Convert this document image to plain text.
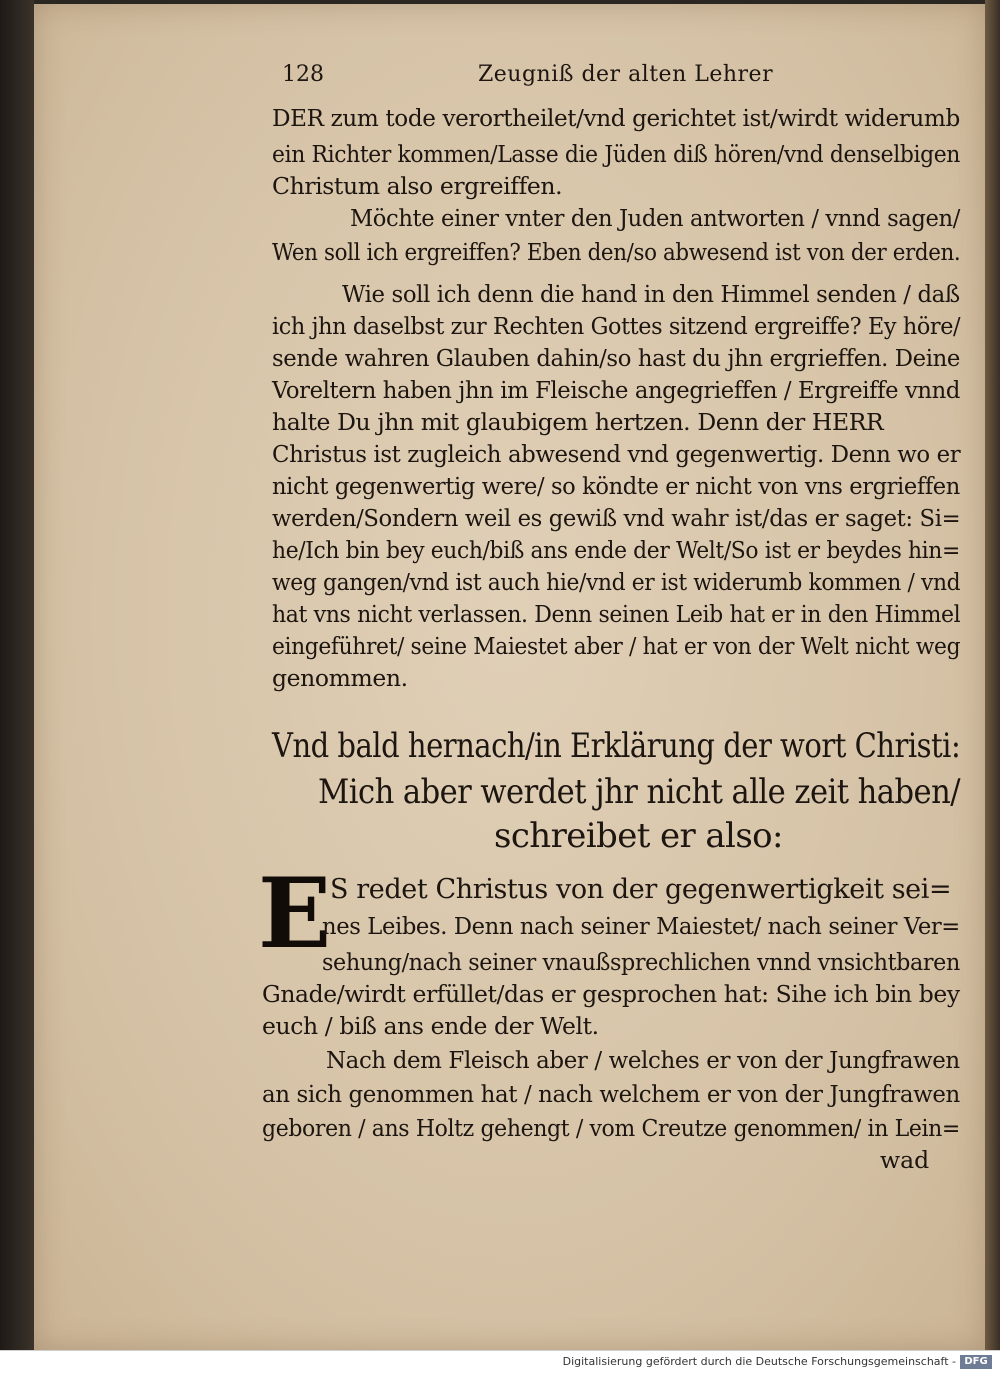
128	Zeugniß der alten Lehrer
DER zum tode verortheilet/vnd gerichtet ist/wirdt widerumb
ein Richter kommen/Lasse die Jüden diß hören/vnd denselbigen
Christum also ergreiffen.
Möchte einer vnter den Juden antworten / vnnd sagen/
Wen soll ich ergreiffen? Eben den/so abwesend ist von der erden.
Wie soll ich denn die hand in den Himmel senden / daß
ich jhn daselbst zur Rechten Gottes sitzend ergreiffe? Ey höre/
sende wahren Glauben dahin/so hast du jhn ergrieffen. Deine
Voreltern haben jhn im Fleische angegrieffen / Ergreiffe vnnd
halte Du jhn mit glaubigem hertzen. Denn der HERR
Christus ist zugleich abwesend vnd gegenwertig. Denn wo er
nicht gegenwertig were/ so köndte er nicht von vns ergrieffen
werden/Sondern weil es gewiß vnd wahr ist/das er saget: Si=
he/Ich bin bey euch/biß ans ende der Welt/So ist er beydes hin=
weg gangen/vnd ist auch hie/vnd er ist widerumb kommen / vnd
hat vns nicht verlassen. Denn seinen Leib hat er in den Himmel
eingeführet/ seine Maiestet aber / hat er von der Welt nicht weg
genommen.
Vnd bald hernach/in Erklärung der wort Christi:
Mich aber werdet jhr nicht alle zeit haben/
schreibet er also:
E
S redet Christus von der gegenwertigkeit sei=
nes Leibes. Denn nach seiner Maiestet/ nach seiner Ver=
sehung/nach seiner vnaußsprechlichen vnnd vnsichtbaren
Gnade/wirdt erfüllet/das er gesprochen hat: Sihe ich bin bey
euch / biß ans ende der Welt.
Nach dem Fleisch aber / welches er von der Jungfrawen
an sich genommen hat / nach welchem er von der Jungfrawen
geboren / ans Holtz gehengt / vom Creutze genommen/ in Lein=
wad
Digitalisierung gefördert durch die Deutsche Forschungsgemeinschaft - DFG
